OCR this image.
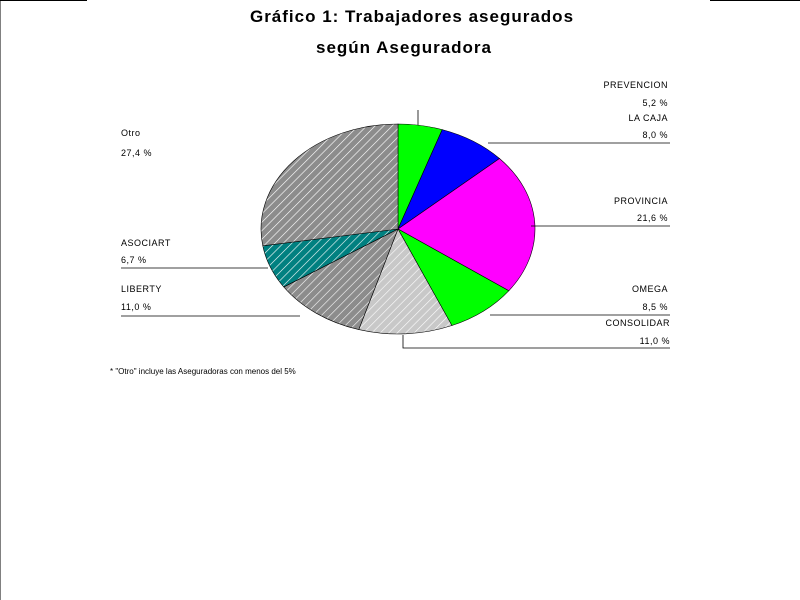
Gráfico 1: Trabajadores asegurados
según Aseguradora
PREVENCION
5,2 %
LA CAJA
8,0 %
PROVINCIA
21,6 %
OMEGA
8,5 %
CONSOLIDAR
11,0 %
LIBERTY
11,0 %
ASOCIART
6,7 %
Otro
27,4 %
* "Otro" incluye las Aseguradoras con menos del 5%
